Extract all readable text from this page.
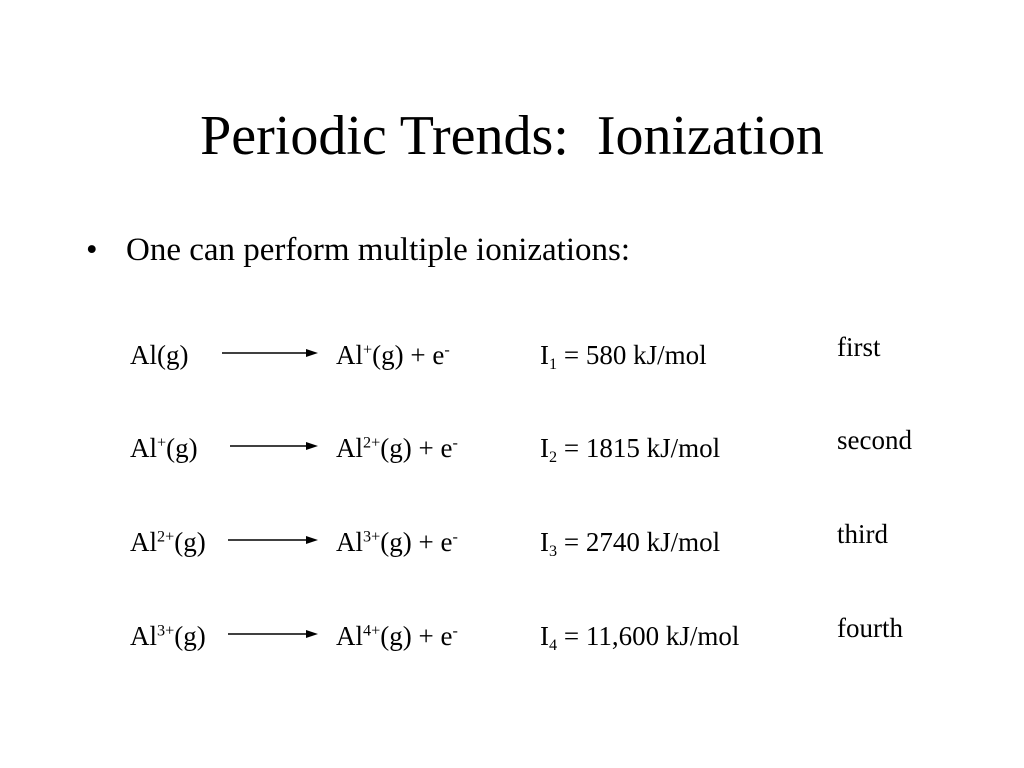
Periodic Trends:  Ionization
• One can perform multiple ionizations:
Al(g)	Al+(g) + e-	$I_1 = 580$ kJ/mol	first
Al+(g)	$Al^{2+}(g) + e^-$	$I_2 = 1815$ kJ/mol	second
$Al^{2+}(g)$	$Al^{3+}(g) + e^-$	$I_3 = 2740$ kJ/mol	third
$Al^{3+}(g)$	$Al^{4+}(g) + e^-$	$I_4 = 11,600$ kJ/mol	fourth
